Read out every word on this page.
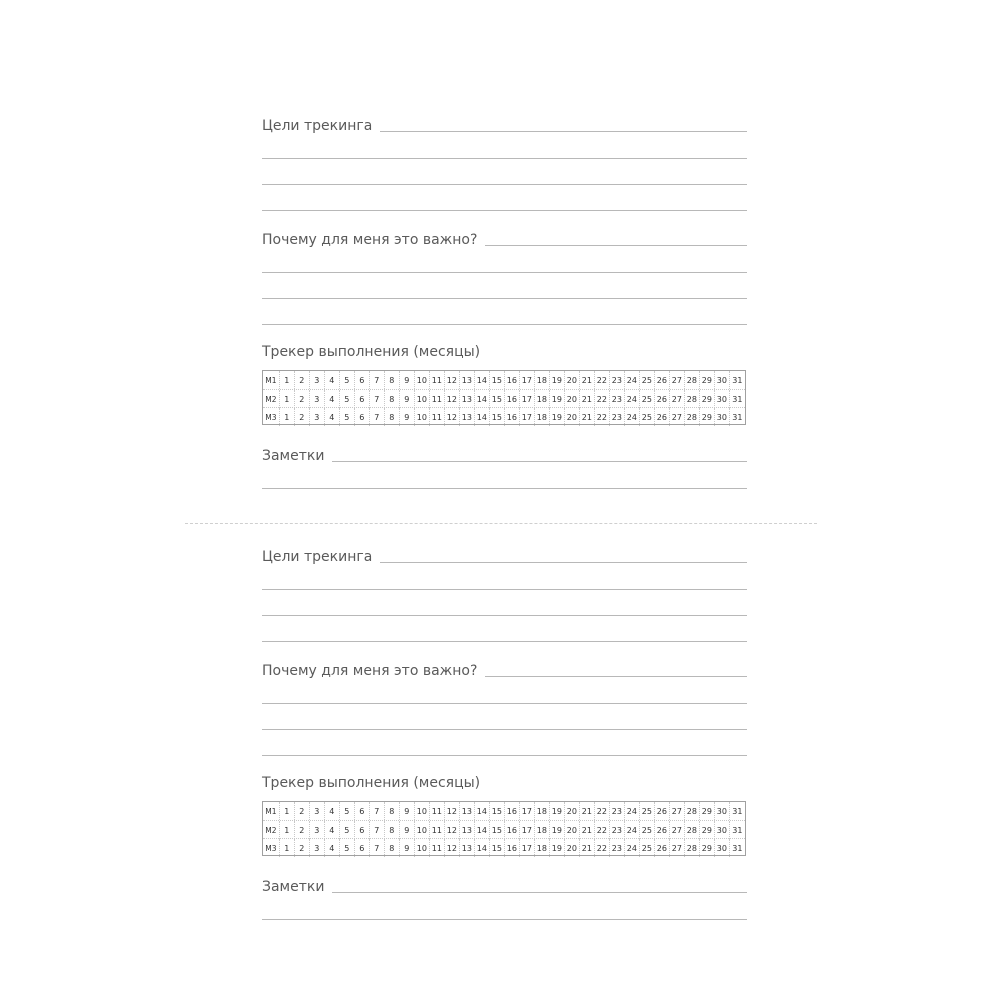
Цели трекинга
Почему для меня это важно?
Трекер выполнения (месяцы)
М1 1	2	3	4	5	6	7	8	9 10 11 12 13 14 15 16 17 18 19 20 21 22 23 24 25 26 27 28 29 30 31
М2 1	2	3	4	5	6	7	8	9 10 11 12 13 14 15 16 17 18 19 20 21 22 23 24 25 26 27 28 29 30 31
М3 1	2	3	4	5	6	7	8	9 10 11 12 13 14 15 16 17 18 19 20 21 22 23 24 25 26 27 28 29 30 31
Заметки
Цели трекинга
Почему для меня это важно?
Трекер выполнения (месяцы)
М1 1	2	3	4	5	6	7	8	9 10 11 12 13 14 15 16 17 18 19 20 21 22 23 24 25 26 27 28 29 30 31
М2 1	2	3	4	5	6	7	8	9 10 11 12 13 14 15 16 17 18 19 20 21 22 23 24 25 26 27 28 29 30 31
М3 1	2	3	4	5	6	7	8	9 10 11 12 13 14 15 16 17 18 19 20 21 22 23 24 25 26 27 28 29 30 31
Заметки
